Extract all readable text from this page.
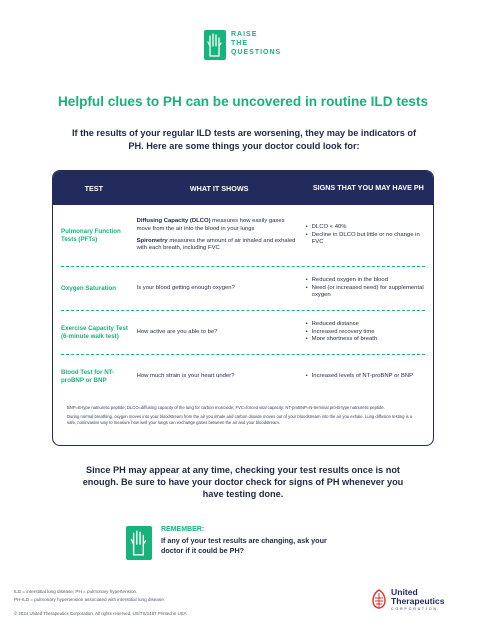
RAISE
THE
QUESTIONS
Helpful clues to PH can be uncovered in routine ILD tests

If the results of your regular ILD tests are worsening, they may be indicators of PH. Here are some things your doctor could look for:

TEST	WHAT IT SHOWS	SIGNS THAT YOU MAY HAVE PH
Pulmonary Function Tests (PFTs)

Diffusing Capacity (DLCO) measures how easily gases move from the air into the blood in your lungs

Spirometry measures the amount of air inhaled and exhaled with each breath, including FVC

• DLCO < 40%
• Decline in DLCO but little or no change in FVC
Oxygen Saturation	Is your blood getting enough oxygen?
• Reduced oxygen in the blood
• Need (or increased need) for supplemental oxygen
Exercise Capacity Test (6-minute walk test)
How active are you able to be?
• Reduced distance
• Increased recovery time
• More shortness of breath
Blood Test for NT-proBNP or BNP
How much strain is your heart under?
•	Increased levels of NT-proBNP or BNP

BNP=B-type natriuretic peptide; DLCO=diffusing capacity of the lung for carbon monoxide; FVC=forced vital capacity; NT-proBNP=N-terminal pro-B-type natriuretic peptide.

During normal breathing, oxygen moves into your bloodstream from the air you inhale and carbon dioxide moves out of your bloodstream into the air you exhale. Lung diffusion testing is a safe, noninvasive way to measure how well your lungs can exchange gases between the air and your bloodstream.

Since PH may appear at any time, checking your test results once is not enough. Be sure to have your doctor check for signs of PH whenever you have testing done.

REMEMBER:
If any of your test results are changing, ask your doctor if it could be PH?
ILD = interstitial lung disease; PH = pulmonary hypertension.
PH-ILD = pulmonary hypertension associated with interstitial lung disease.
© 2024 United Therapeutics Corporation. All rights reserved. US/TS/1487 Printed in USA
United
Therapeutics
CORPORATION
